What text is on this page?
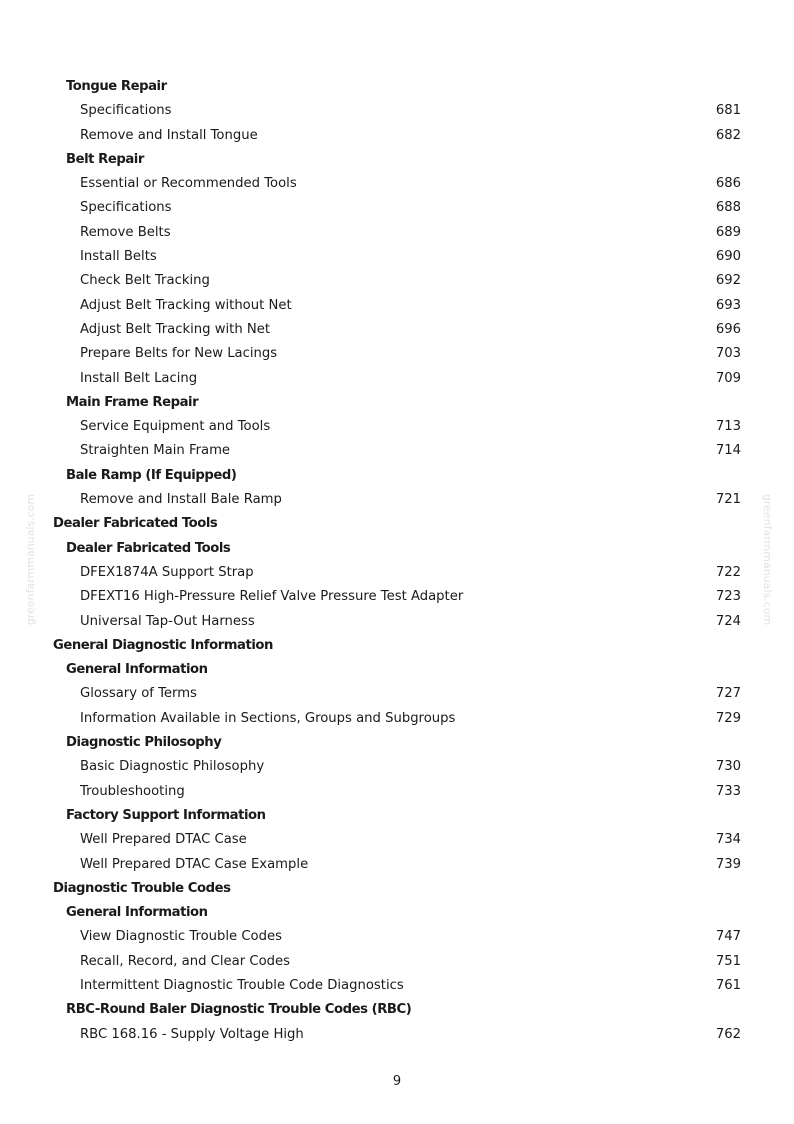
Tongue Repair
Specifications	681
Remove and Install Tongue	682
Belt Repair
Essential or Recommended Tools	686
Specifications	688
Remove Belts	689
Install Belts	690
Check Belt Tracking	692
Adjust Belt Tracking without Net	693
Adjust Belt Tracking with Net	696
Prepare Belts for New Lacings	703
Install Belt Lacing	709
Main Frame Repair
Service Equipment and Tools	713
Straighten Main Frame	714
Bale Ramp (If Equipped)
Remove and Install Bale Ramp	721
Dealer Fabricated Tools
Dealer Fabricated Tools
DFEX1874A Support Strap	722
DFEXT16 High-Pressure Relief Valve Pressure Test Adapter	723
Universal Tap-Out Harness	724
General Diagnostic Information
General Information
Glossary of Terms	727
Information Available in Sections, Groups and Subgroups	729
Diagnostic Philosophy
Basic Diagnostic Philosophy	730
Troubleshooting	733
Factory Support Information
Well Prepared DTAC Case	734
Well Prepared DTAC Case Example	739
Diagnostic Trouble Codes
General Information
View Diagnostic Trouble Codes	747
Recall, Record, and Clear Codes	751
Intermittent Diagnostic Trouble Code Diagnostics	761
RBC-Round Baler Diagnostic Trouble Codes (RBC)
RBC 168.16 - Supply Voltage High	762
9
greenfarmmanuals.com	greenfarmmanuals.com
